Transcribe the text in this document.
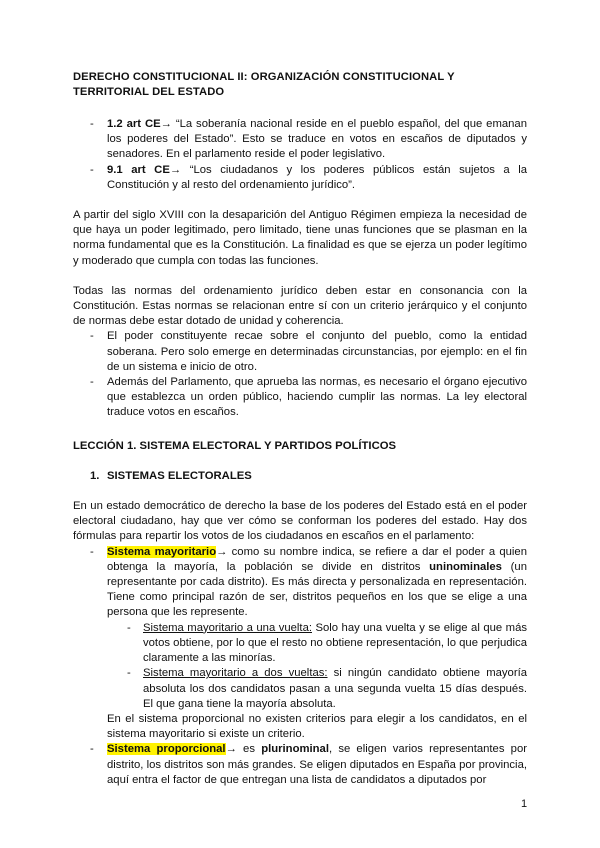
DERECHO CONSTITUCIONAL II: ORGANIZACIÓN CONSTITUCIONAL Y TERRITORIAL DEL ESTADO
- 1.2 art CE→ “La soberanía nacional reside en el pueblo español, del que emanan los poderes del Estado”. Esto se traduce en votos en escaños de diputados y senadores. En el parlamento reside el poder legislativo.
- 9.1 art CE→ “Los ciudadanos y los poderes públicos están sujetos a la Constitución y al resto del ordenamiento jurídico”.

A partir del siglo XVIII con la desaparición del Antiguo Régimen empieza la necesidad de que haya un poder legitimado, pero limitado, tiene unas funciones que se plasman en la norma fundamental que es la Constitución. La finalidad es que se ejerza un poder legítimo y moderado que cumpla con todas las funciones.

Todas las normas del ordenamiento jurídico deben estar en consonancia con la Constitución. Estas normas se relacionan entre sí con un criterio jerárquico y el conjunto de normas debe estar dotado de unidad y coherencia.

- El poder constituyente recae sobre el conjunto del pueblo, como la entidad soberana. Pero solo emerge en determinadas circunstancias, por ejemplo: en el fin de un sistema e inicio de otro.
- Además del Parlamento, que aprueba las normas, es necesario el órgano ejecutivo que establezca un orden público, haciendo cumplir las normas. La ley electoral traduce votos en escaños.
LECCIÓN 1. SISTEMA ELECTORAL Y PARTIDOS POLÍTICOS
1. SISTEMAS ELECTORALES

En un estado democrático de derecho la base de los poderes del Estado está en el poder electoral ciudadano, hay que ver cómo se conforman los poderes del estado. Hay dos fórmulas para repartir los votos de los ciudadanos en escaños en el parlamento:

- Sistema mayoritario→ como su nombre indica, se refiere a dar el poder a quien obtenga la mayoría, la población se divide en distritos uninominales (un representante por cada distrito). Es más directa y personalizada en representación. Tiene como principal razón de ser, distritos pequeños en los que se elige a una persona que les represente.
- Sistema mayoritario a una vuelta: Solo hay una vuelta y se elige al que más votos obtiene, por lo que el resto no obtiene representación, lo que perjudica claramente a las minorías.
- Sistema mayoritario a dos vueltas: si ningún candidato obtiene mayoría absoluta los dos candidatos pasan a una segunda vuelta 15 días después. El que gana tiene la mayoría absoluta.

En el sistema proporcional no existen criterios para elegir a los candidatos, en el sistema mayoritario si existe un criterio.

- Sistema proporcional→ es plurinominal, se eligen varios representantes por distrito, los distritos son más grandes. Se eligen diputados en España por provincia, aquí entra el factor de que entregan una lista de candidatos a diputados por
1
